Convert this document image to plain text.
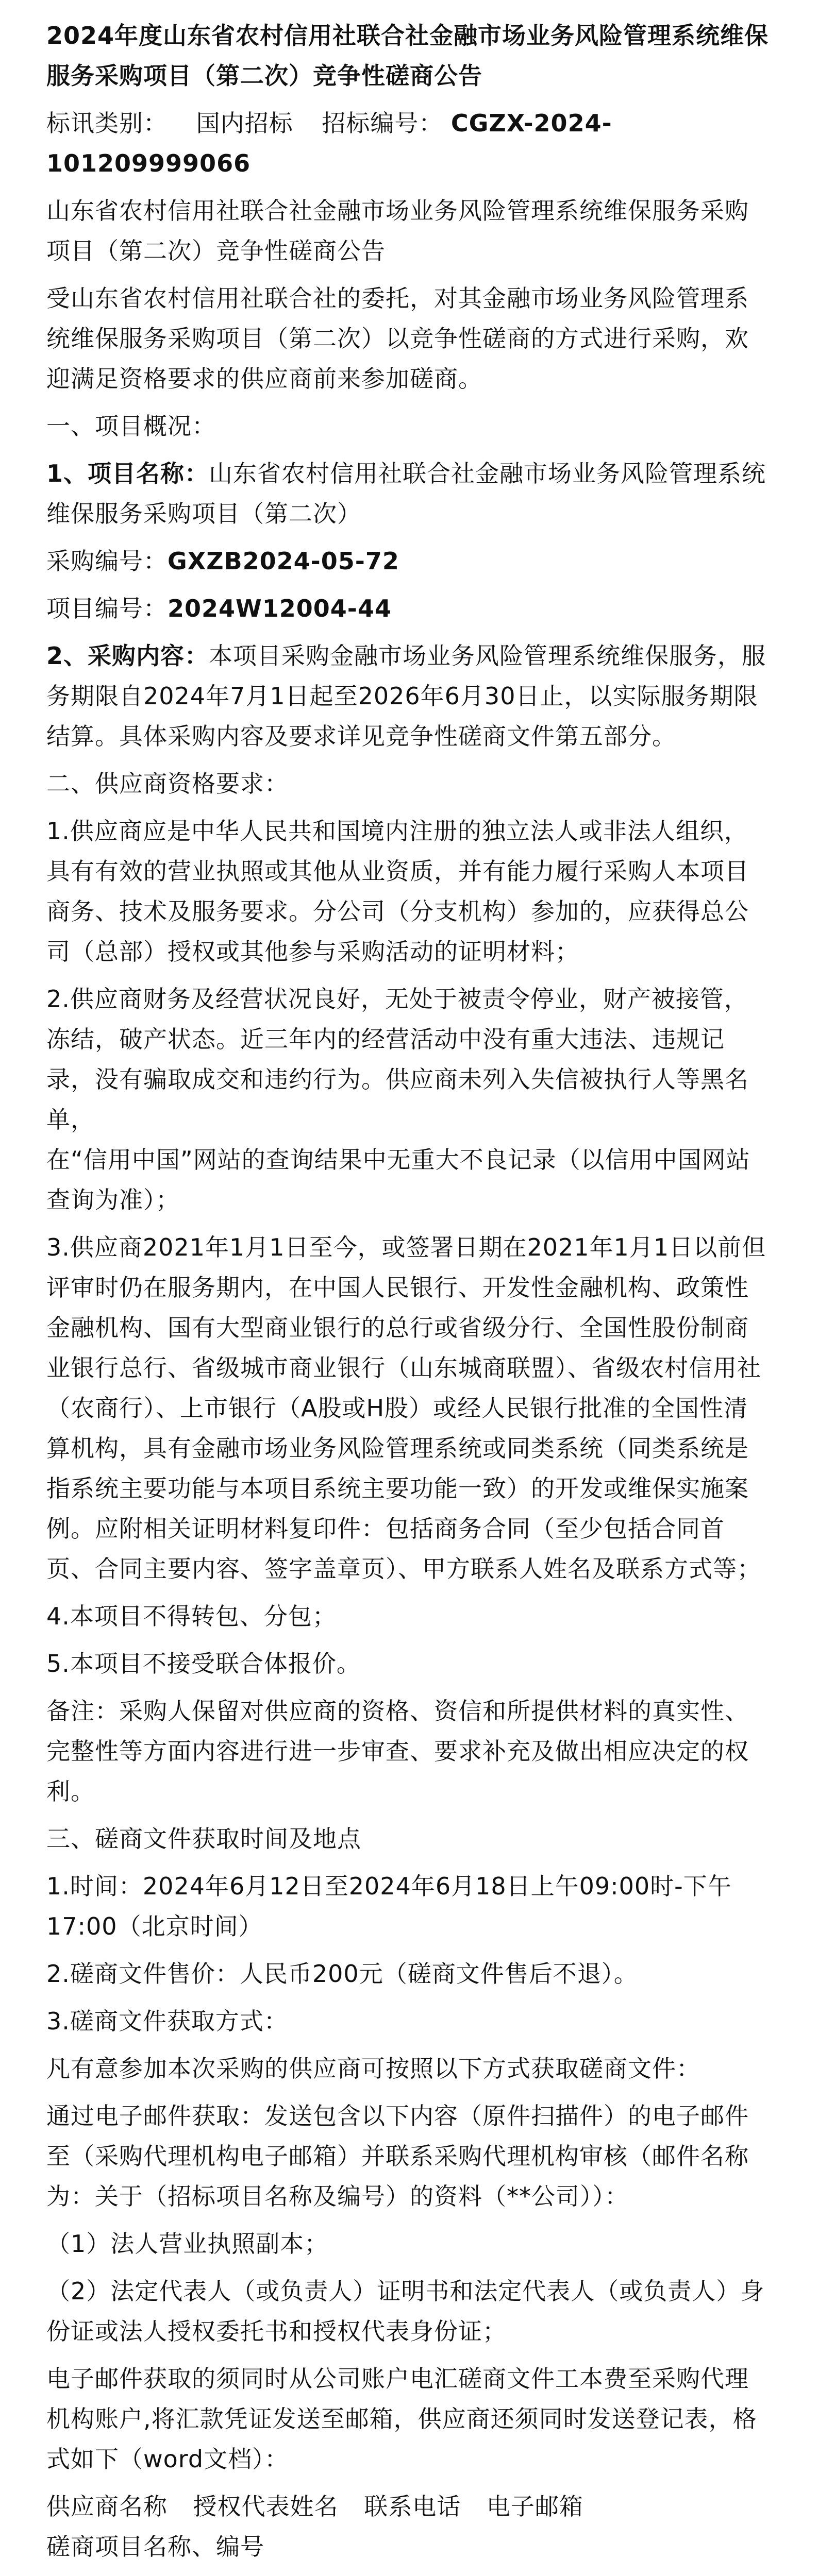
2024年度山东省农村信用社联合社金融市场业务风险管理系统维保服务采购项目（第二次）竞争性磋商公告

标讯类别： 国内招标 招标编号： CGZX-2024-101209999066

山东省农村信用社联合社金融市场业务风险管理系统维保服务采购项目（第二次）竞争性磋商公告

受山东省农村信用社联合社的委托，对其金融市场业务风险管理系统维保服务采购项目（第二次）以竞争性磋商的方式进行采购，欢迎满足资格要求的供应商前来参加磋商。

一、项目概况：

1、项目名称：山东省农村信用社联合社金融市场业务风险管理系统维保服务采购项目（第二次）

采购编号：GXZB2024-05-72

项目编号：2024W12004-44

2、采购内容：本项目采购金融市场业务风险管理系统维保服务，服务期限自2024年7月1日起至2026年6月30日止，以实际服务期限结算。具体采购内容及要求详见竞争性磋商文件第五部分。

二、供应商资格要求：

1.供应商应是中华人民共和国境内注册的独立法人或非法人组织，具有有效的营业执照或其他从业资质，并有能力履行采购人本项目商务、技术及服务要求。分公司（分支机构）参加的，应获得总公司（总部）授权或其他参与采购活动的证明材料；

2.供应商财务及经营状况良好，无处于被责令停业，财产被接管，冻结，破产状态。近三年内的经营活动中没有重大违法、违规记录，没有骗取成交和违约行为。供应商未列入失信被执行人等黑名单，

在“信用中国”网站的查询结果中无重大不良记录（以信用中国网站查询为准）；

3.供应商2021年1月1日至今，或签署日期在2021年1月1日以前但评审时仍在服务期内，在中国人民银行、开发性金融机构、政策性金融机构、国有大型商业银行的总行或省级分行、全国性股份制商业银行总行、省级城市商业银行（山东城商联盟）、省级农村信用社（农商行）、上市银行（A股或H股）或经人民银行批准的全国性清算机构，具有金融市场业务风险管理系统或同类系统（同类系统是指系统主要功能与本项目系统主要功能一致）的开发或维保实施案例。应附相关证明材料复印件：包括商务合同（至少包括合同首页、合同主要内容、签字盖章页）、甲方联系人姓名及联系方式等；

4.本项目不得转包、分包；

5.本项目不接受联合体报价。

备注：采购人保留对供应商的资格、资信和所提供材料的真实性、完整性等方面内容进行进一步审查、要求补充及做出相应决定的权利。

三、磋商文件获取时间及地点

1.时间：2024年6月12日至2024年6月18日上午09:00时-下午17:00（北京时间）

2.磋商文件售价：人民币200元（磋商文件售后不退）。

3.磋商文件获取方式：

凡有意参加本次采购的供应商可按照以下方式获取磋商文件：

通过电子邮件获取：发送包含以下内容（原件扫描件）的电子邮件至（采购代理机构电子邮箱）并联系采购代理机构审核（邮件名称为：关于（招标项目名称及编号）的资料（**公司））：

（1）法人营业执照副本；

（2）法定代表人（或负责人）证明书和法定代表人（或负责人）身份证或法人授权委托书和授权代表身份证；

电子邮件获取的须同时从公司账户电汇磋商文件工本费至采购代理机构账户,将汇款凭证发送至邮箱，供应商还须同时发送登记表，格式如下（word文档）：

供应商名称 授权代表姓名 联系电话 电子邮箱 磋商项目名称、编号
